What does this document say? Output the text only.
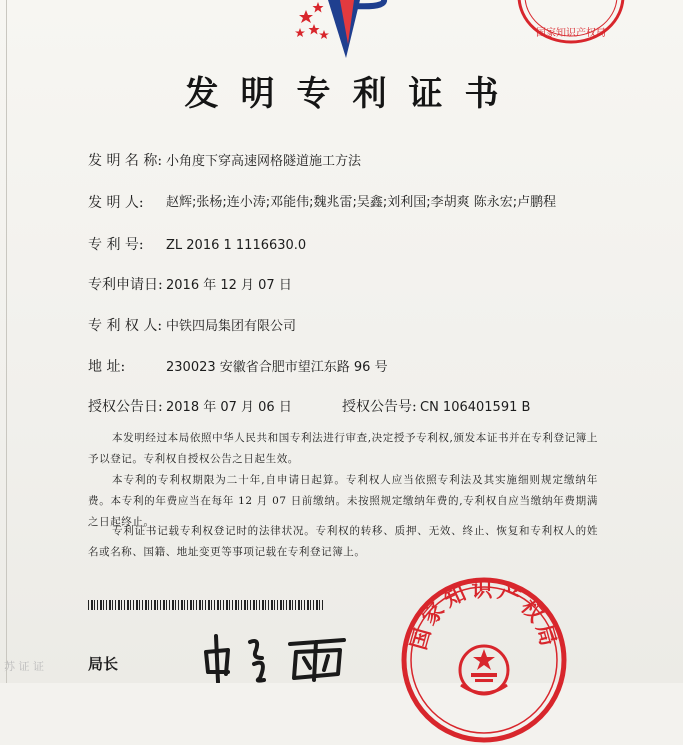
国家知识产权局
发明专利证书
发 明 名 称: 小角度下穿高速网格隧道施工方法
发 明 人: 赵辉;张杨;连小涛;邓能伟;魏兆雷;吴鑫;刘利国;李胡爽 陈永宏;卢鹏程
专 利 号: ZL 2016 1 1116630.0
专利申请日: 2016 年 12 月 07 日
专 利 权 人: 中铁四局集团有限公司
地 址:	230023 安徽省合肥市望江东路 96 号
授权公告日: 2018 年 07 月 06 日	授权公告号: CN 106401591 B
本发明经过本局依照中华人民共和国专利法进行审查,决定授予专利权,颁发本证书并在专利登记簿上予以登记。专利权自授权公告之日起生效。
本专利的专利权期限为二十年,自申请日起算。专利权人应当依照专利法及其实施细则规定缴纳年费。本专利的年费应当在每年 12 月 07 日前缴纳。未按照规定缴纳年费的,专利权自应当缴纳年费期满之日起终止。
专利证书记载专利权登记时的法律状况。专利权的转移、质押、无效、终止、恢复和专利权人的姓名或名称、国籍、地址变更等事项记载在专利登记簿上。
苏 证 证	局长
国家知识产权局
